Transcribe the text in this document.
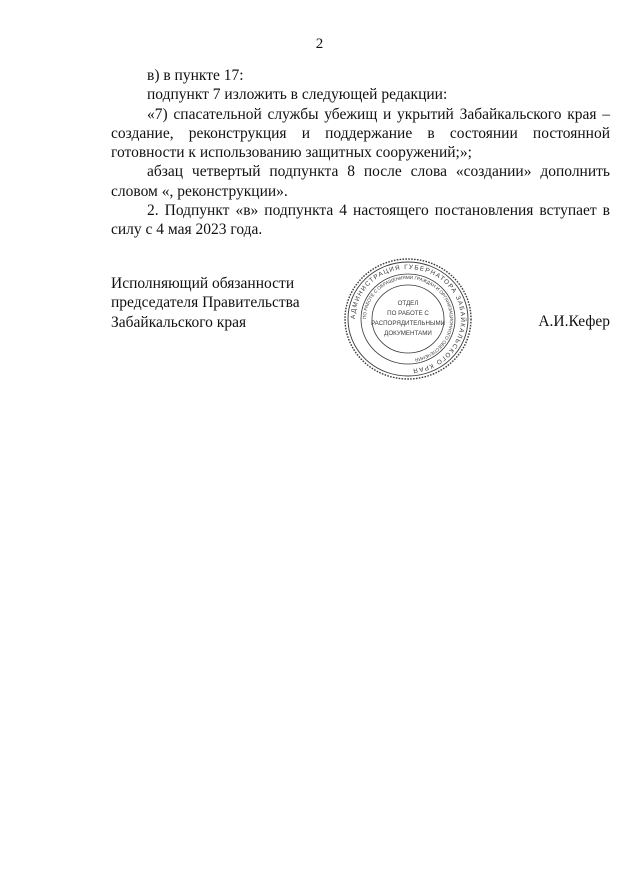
2

в) в пункте 17:

подпункт 7 изложить в следующей редакции:

«7) спасательной службы убежищ и укрытий Забайкальского края – создание, реконструкция и поддержание в состоянии постоянной готовности к использованию защитных сооружений;»;

абзац четвертый подпункта 8 после слова «создании» дополнить словом «, реконструкции».

2. Подпункт «в» подпункта 4 настоящего постановления вступает в силу с 4 мая 2023 года.

Исполняющий обязанности
председателя Правительства
Забайкальского края	АДМИНИСТРАЦИЯ ГУБЕРНАТОРА ЗАБАЙКАЛЬСКОГО КРАЯ
ПО РАБОТЕ С ОБРАЩЕНИЯМИ ГРАЖДАН И ОРГАНИЗАЦИОННОГО ОБЕСПЕЧЕНИЯ
ОТДЕЛ
ПО РАБОТЕ С
РАСПОРЯДИТЕЛЬНЫМИ
ДОКУМЕНТАМИ
А.И.Кефер
